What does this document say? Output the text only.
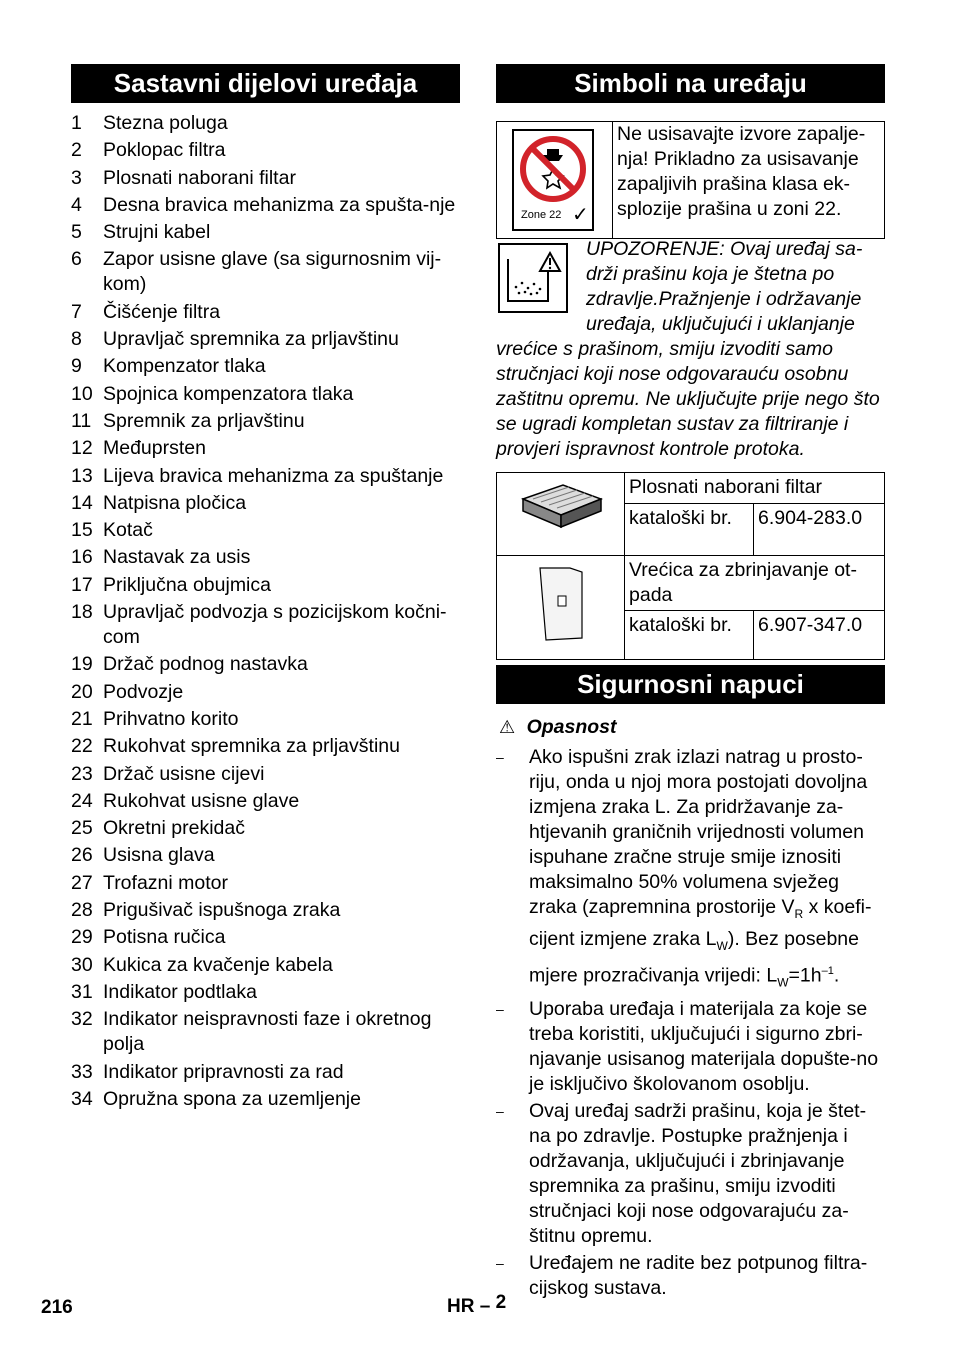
Sastavni dijelovi uređaja
1	Stezna poluga
2	Poklopac filtra
3	Plosnati naborani filtar
4	Desna bravica mehanizma za spušta-nje
5	Strujni kabel
6	Zapor usisne glave (sa sigurnosnim vij-kom)
7	Čišćenje filtra
8	Upravljač spremnika za prljavštinu
9	Kompenzator tlaka
10 Spojnica kompenzatora tlaka
11 Spremnik za prljavštinu
12 Međuprsten
13 Lijeva bravica mehanizma za spuštanje
14 Natpisna pločica
15 Kotač
16 Nastavak za usis
17 Priključna obujmica
18 Upravljač podvozja s pozicijskom kočni-com
19 Držač podnog nastavka
20 Podvozje
21 Prihvatno korito
22 Rukohvat spremnika za prljavštinu
23 Držač usisne cijevi
24 Rukohvat usisne glave
25 Okretni prekidač
26 Usisna glava
27 Trofazni motor
28 Prigušivač ispušnoga zraka
29 Potisna ručica
30 Kukica za kvačenje kabela
31 Indikator podtlaka
32 Indikator neispravnosti faze i okretnog polja
33 Indikator pripravnosti za rad
34 Opružna spona za uzemljenje
Simboli na uređaju
Zone 22 ✓
Ne usisavajte izvore zapalje-nja! Prikladno za usisavanje zapaljivih prašina klasa ek-splozije prašina u zoni 22.
UPOZORENJE: Ovaj uređaj sa-drži prašinu koja je štetna po zdravlje.Pražnjenje i održavanje uređaja, uključujući i uklanjanje vrećice s prašinom, smiju izvoditi samo stručnjaci koji nose odgovarauću osobnu zaštitnu opremu. Ne uključujte prije nego što se ugradi kompletan sustav za filtriranje i provjeri ispravnost kontrole protoka.
	Plosnati naborani filtar	
	kataloški br.	6.904-283.0
	Vrećica za zbrinjavanje ot-pada	
	kataloški br.	6.907-347.0
Sigurnosni napuci
⚠ Opasnost
–	Ako ispušni zrak izlazi natrag u prosto-riju, onda u njoj mora postojati dovoljna izmjena zraka L. Za pridržavanje za-htjevanih graničnih vrijednosti volumen ispuhane zračne struje smije iznositi maksimalno 50% volumena svježeg zraka (zapremnina prostorije $V_R$ x koefi-cijent izmjene zraka $L_W$). Bez posebne mjere prozračivanja vrijedi: $L_W=1h^{-1}$.
–	Uporaba uređaja i materijala za koje se treba koristiti, uključujući i sigurno zbri-njavanje usisanog materijala dopušte-no je isključivo školovanom osoblju.
–	Ovaj uređaj sadrži prašinu, koja je štet-na po zdravlje. Postupke pražnjenja i održavanja, uključujući i zbrinjavanje spremnika za prašinu, smiju izvoditi stručnjaci koji nose odgovarajuću za-štitnu opremu.
–	Uređajem ne radite bez potpunog filtra-cijskog sustava.
216	HR – 2
